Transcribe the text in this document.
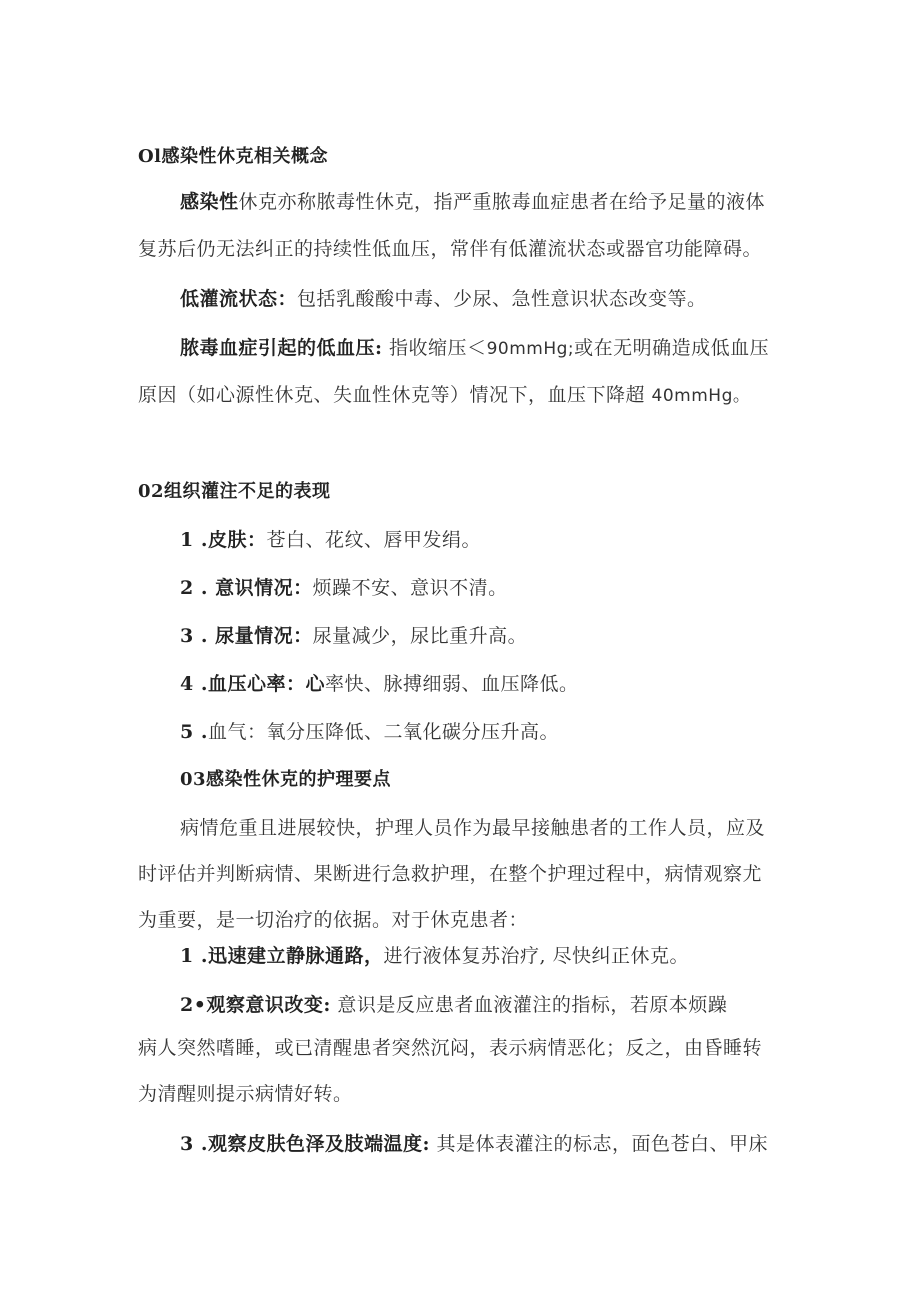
Ol感染性休克相关概念
感染性休克亦称脓毒性休克，指严重脓毒血症患者在给予足量的液体
复苏后仍无法纠正的持续性低血压，常伴有低灌流状态或器官功能障碍。
低灌流状态：包括乳酸酸中毒、少尿、急性意识状态改变等。
脓毒血症引起的低血压: 指收缩压＜90mmHg;或在无明确造成低血压
原因（如心源性休克、失血性休克等）情况下，血压下降超 40mmHg。
02组织灌注不足的表现
1 .皮肤：苍白、花纹、唇甲发绢。
2 . 意识情况：烦躁不安、意识不清。
3 . 尿量情况：尿量减少，尿比重升高。
4 .血压心率：心率快、脉搏细弱、血压降低。
5 .血气：氧分压降低、二氧化碳分压升高。
03感染性休克的护理要点
病情危重且进展较快，护理人员作为最早接触患者的工作人员，应及
时评估并判断病情、果断进行急救护理，在整个护理过程中，病情观察尤
为重要，是一切治疗的依据。对于休克患者：
1 .迅速建立静脉通路，进行液体复苏治疗, 尽快纠正休克。
2•观察意识改变: 意识是反应患者血液灌注的指标，若原本烦躁
病人突然嗜睡，或已清醒患者突然沉闷，表示病情恶化；反之，由昏睡转
为清醒则提示病情好转。
3 .观察皮肤色泽及肢端温度: 其是体表灌注的标志，面色苍白、甲床
